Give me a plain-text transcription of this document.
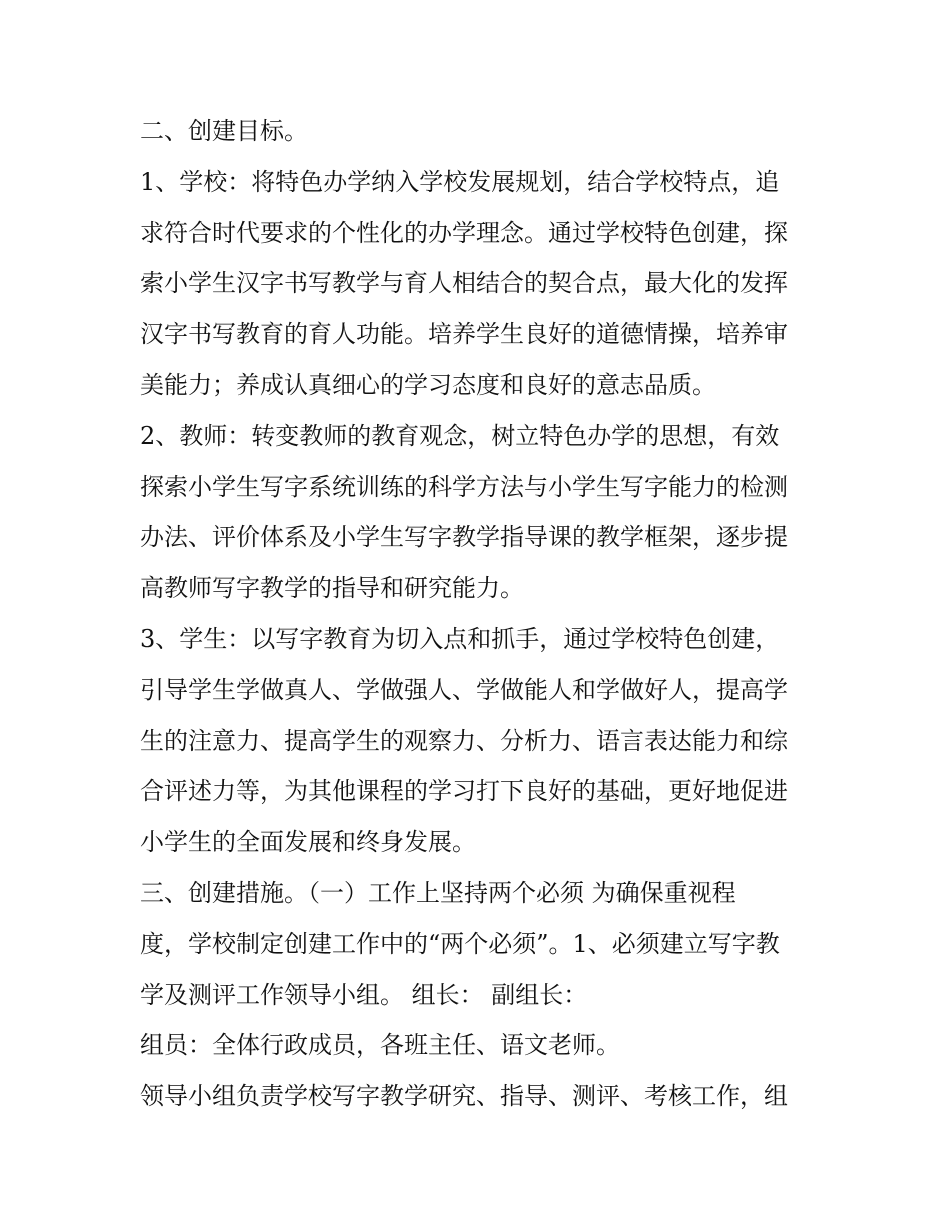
二、创建目标。
1、学校：将特色办学纳入学校发展规划，结合学校特点，追
求符合时代要求的个性化的办学理念。通过学校特色创建，探
索小学生汉字书写教学与育人相结合的契合点，最大化的发挥
汉字书写教育的育人功能。培养学生良好的道德情操，培养审
美能力；养成认真细心的学习态度和良好的意志品质。
2、教师：转变教师的教育观念，树立特色办学的思想，有效
探索小学生写字系统训练的科学方法与小学生写字能力的检测
办法、评价体系及小学生写字教学指导课的教学框架，逐步提
高教师写字教学的指导和研究能力。
3、学生：以写字教育为切入点和抓手，通过学校特色创建，
引导学生学做真人、学做强人、学做能人和学做好人，提高学
生的注意力、提高学生的观察力、分析力、语言表达能力和综
合评述力等，为其他课程的学习打下良好的基础，更好地促进
小学生的全面发展和终身发展。
三、创建措施。（一）工作上坚持两个必须 为确保重视程
度，学校制定创建工作中的“两个必须”。1、必须建立写字教
学及测评工作领导小组。 组长： 副组长：
组员：全体行政成员，各班主任、语文老师。
领导小组负责学校写字教学研究、指导、测评、考核工作，组
